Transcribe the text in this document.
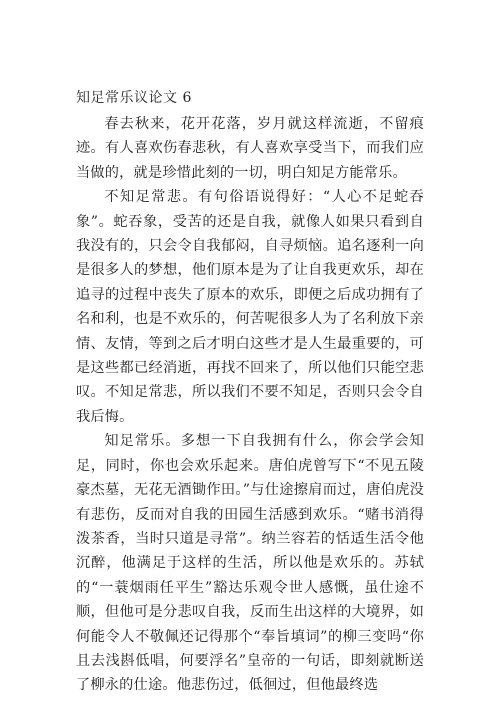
知足常乐议论文 6

春去秋来，花开花落，岁月就这样流逝，不留痕迹。有人喜欢伤春悲秋，有人喜欢享受当下，而我们应当做的，就是珍惜此刻的一切，明白知足方能常乐。

不知足常悲。有句俗语说得好：“人心不足蛇吞象”。蛇吞象，受苦的还是自我，就像人如果只看到自我没有的，只会令自我郁闷，自寻烦恼。追名逐利一向是很多人的梦想，他们原本是为了让自我更欢乐，却在追寻的过程中丧失了原本的欢乐，即便之后成功拥有了名和利，也是不欢乐的，何苦呢很多人为了名利放下亲情、友情，等到之后才明白这些才是人生最重要的，可是这些都已经消逝，再找不回来了，所以他们只能空悲叹。不知足常悲，所以我们不要不知足，否则只会令自我后悔。

知足常乐。多想一下自我拥有什么，你会学会知足，同时，你也会欢乐起来。唐伯虎曾写下“不见五陵豪杰墓，无花无酒锄作田。”与仕途擦肩而过，唐伯虎没有悲伤，反而对自我的田园生活感到欢乐。“赌书消得泼茶香，当时只道是寻常”。纳兰容若的恬适生活令他沉醉，他满足于这样的生活，所以他是欢乐的。苏轼的“一蓑烟雨任平生”豁达乐观令世人感慨，虽仕途不顺，但他可是分悲叹自我，反而生出这样的大境界，如何能令人不敬佩还记得那个“奉旨填词”的柳三变吗“你且去浅斟低唱，何要浮名”皇帝的一句话，即刻就断送了柳永的仕途。他悲伤过，低徊过，但他最终选
